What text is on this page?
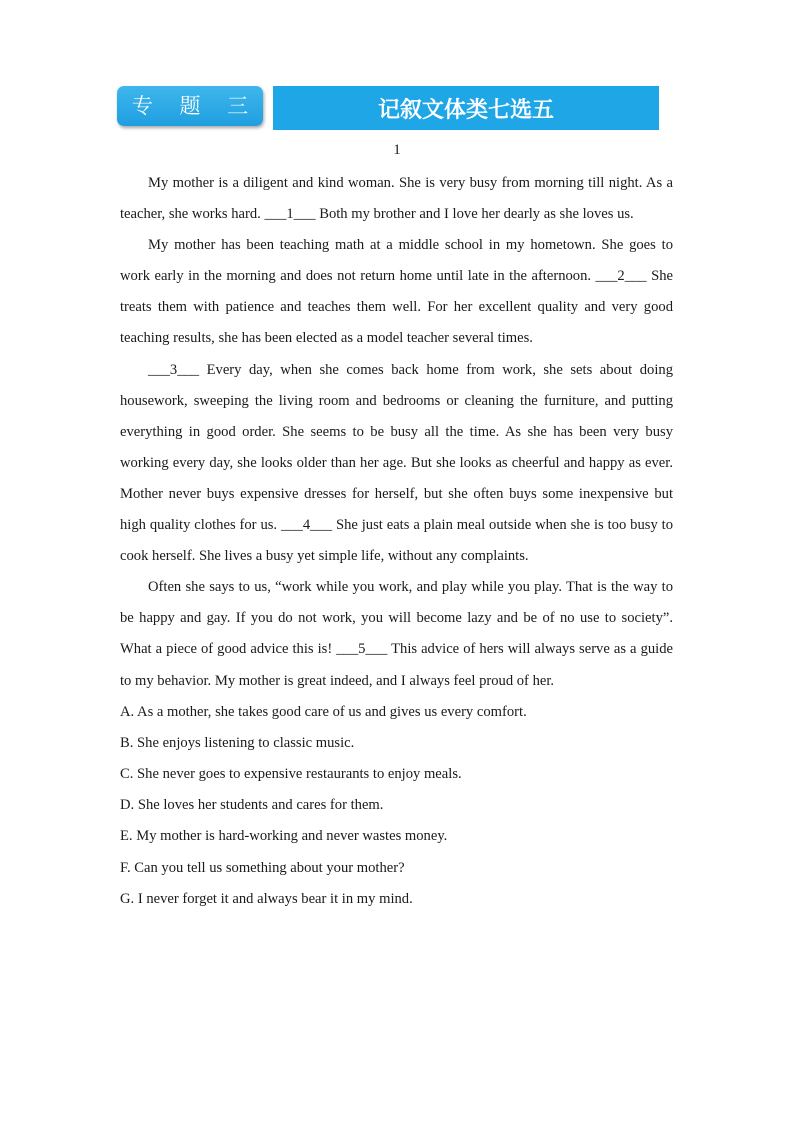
专 题 三	记叙文体类七选五
1

My mother is a diligent and kind woman. She is very busy from morning till night. As a teacher, she works hard. ___1___ Both my brother and I love her dearly as she loves us.

My mother has been teaching math at a middle school in my hometown. She goes to work early in the morning and does not return home until late in the afternoon. ___2___ She treats them with patience and teaches them well. For her excellent quality and very good teaching results, she has been elected as a model teacher several times.

___3___ Every day, when she comes back home from work, she sets about doing housework, sweeping the living room and bedrooms or cleaning the furniture, and putting everything in good order. She seems to be busy all the time. As she has been very busy working every day, she looks older than her age. But she looks as cheerful and happy as ever. Mother never buys expensive dresses for herself, but she often buys some inexpensive but high quality clothes for us. ___4___ She just eats a plain meal outside when she is too busy to cook herself. She lives a busy yet simple life, without any complaints.

Often she says to us, “work while you work, and play while you play. That is the way to be happy and gay. If you do not work, you will become lazy and be of no use to society”. What a piece of good advice this is! ___5___ This advice of hers will always serve as a guide to my behavior. My mother is great indeed, and I always feel proud of her.

A. As a mother, she takes good care of us and gives us every comfort.
B. She enjoys listening to classic music.
C. She never goes to expensive restaurants to enjoy meals.
D. She loves her students and cares for them.
E. My mother is hard-working and never wastes money.
F. Can you tell us something about your mother?
G. I never forget it and always bear it in my mind.
